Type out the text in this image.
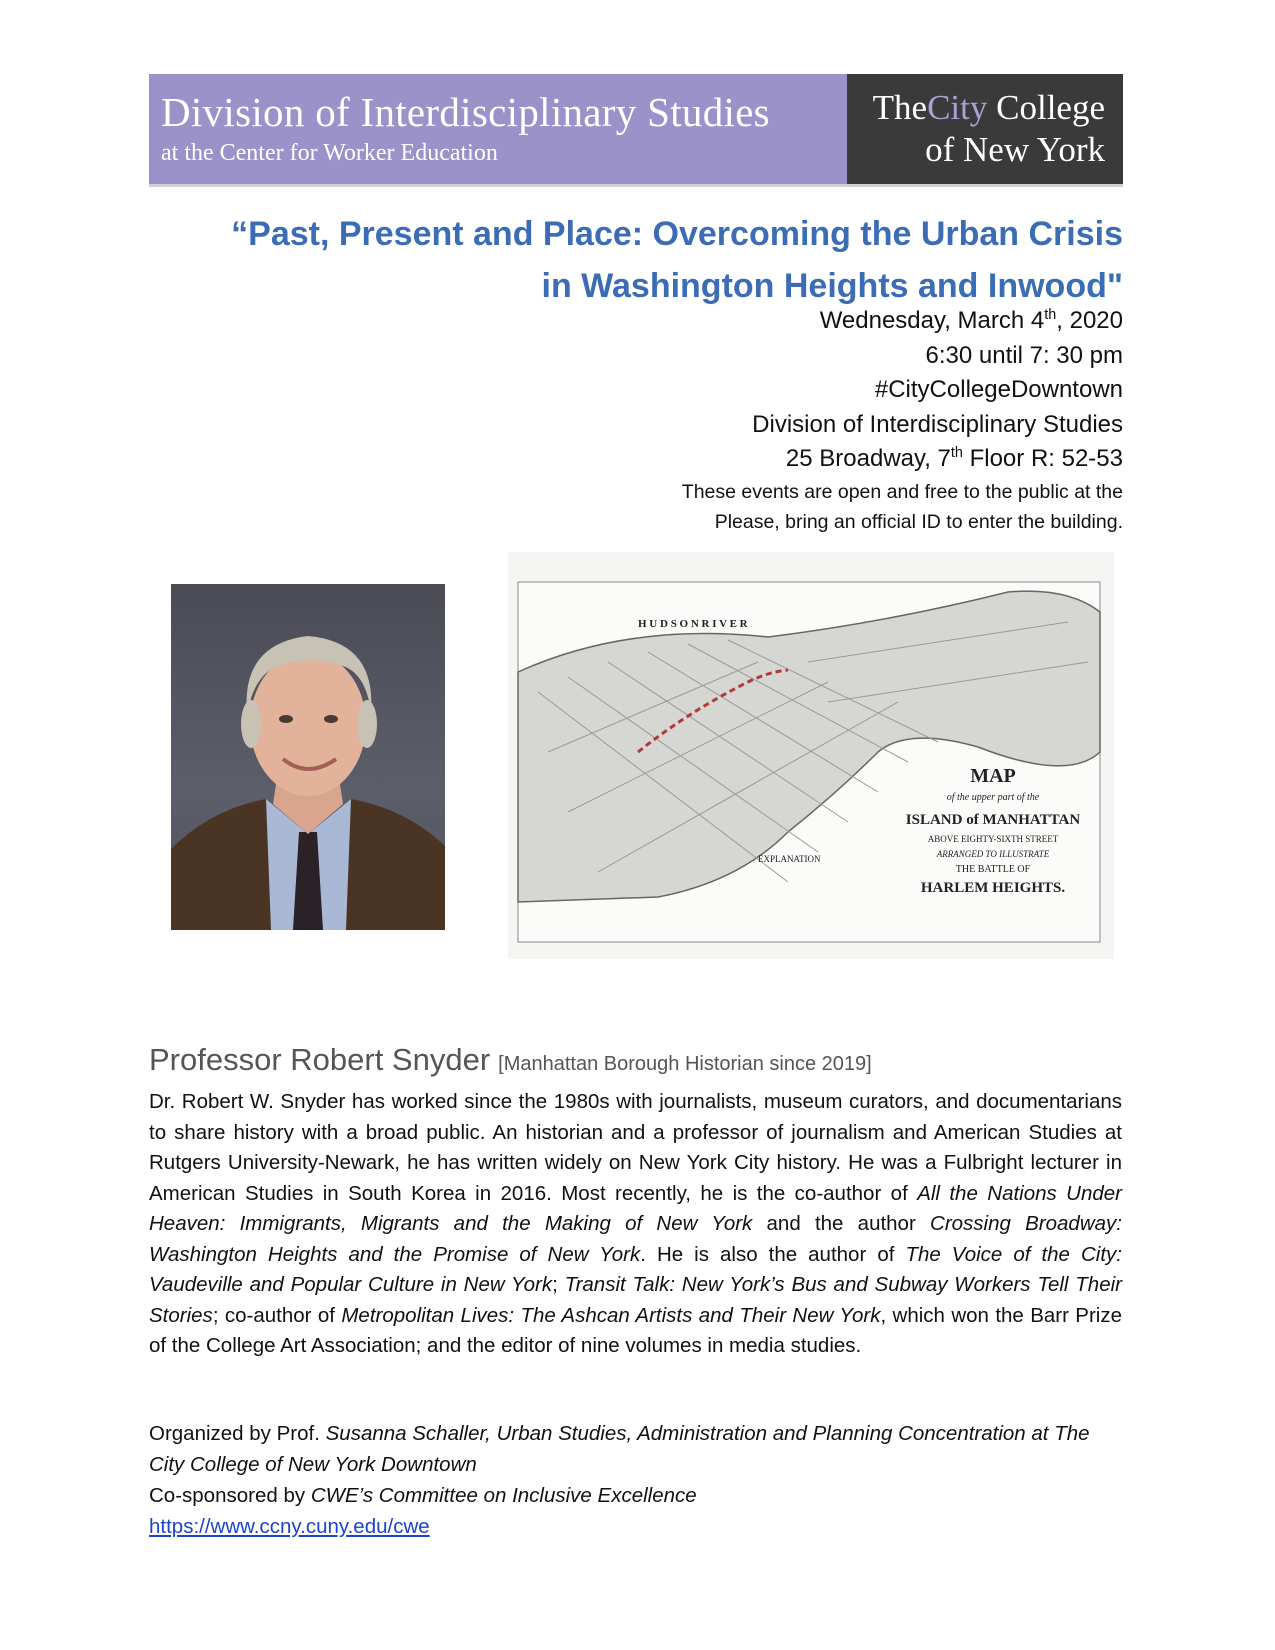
Division of Interdisciplinary Studies
at the Center for Worker Education
TheCity College
of New York
“Past, Present and Place: Overcoming the Urban Crisis
in Washington Heights and Inwood"
Wednesday, March 4th, 2020
6:30 until 7: 30 pm
#CityCollegeDowntown
Division of Interdisciplinary Studies
25 Broadway, 7th Floor R: 52-53
These events are open and free to the public at the
Please, bring an official ID to enter the building.
H U D S O N R I V E R
EXPLANATION
MAP
of the upper part of the
ISLAND of MANHATTAN
ABOVE EIGHTY-SIXTH STREET
ARRANGED TO ILLUSTRATE
THE BATTLE OF
HARLEM HEIGHTS.
Professor Robert Snyder [Manhattan Borough Historian since 2019]
Dr. Robert W. Snyder has worked since the 1980s with journalists, museum curators, and documentarians to share history with a broad public. An historian and a professor of journalism and American Studies at Rutgers University-Newark, he has written widely on New York City history. He was a Fulbright lecturer in American Studies in South Korea in 2016. Most recently, he is the co-author of All the Nations Under Heaven: Immigrants, Migrants and the Making of New York and the author Crossing Broadway: Washington Heights and the Promise of New York. He is also the author of The Voice of the City: Vaudeville and Popular Culture in New York; Transit Talk: New York’s Bus and Subway Workers Tell Their Stories; co-author of Metropolitan Lives: The Ashcan Artists and Their New York, which won the Barr Prize of the College Art Association; and the editor of nine volumes in media studies.
Organized by Prof. Susanna Schaller, Urban Studies, Administration and Planning Concentration at The City College of New York Downtown
Co-sponsored by CWE’s Committee on Inclusive Excellence
https://www.ccny.cuny.edu/cwe
